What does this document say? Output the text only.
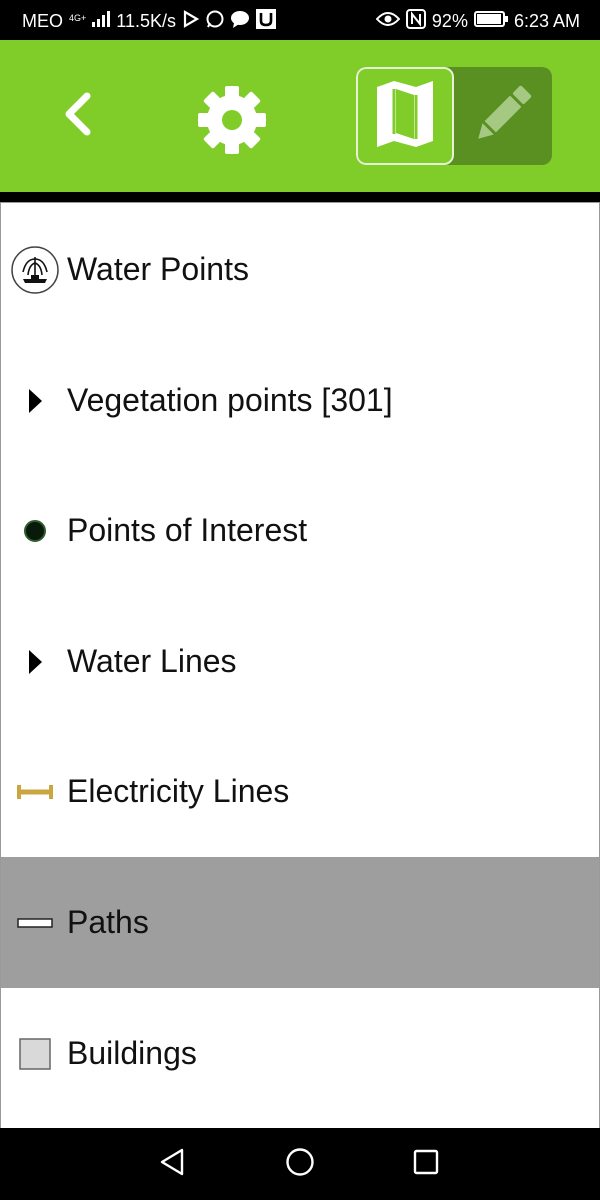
MEO 4G+ 11.5K/s	92%	6:23 AM
Water Points
Vegetation points [301]
Points of Interest
Water Lines
Electricity Lines
Paths
Buildings
